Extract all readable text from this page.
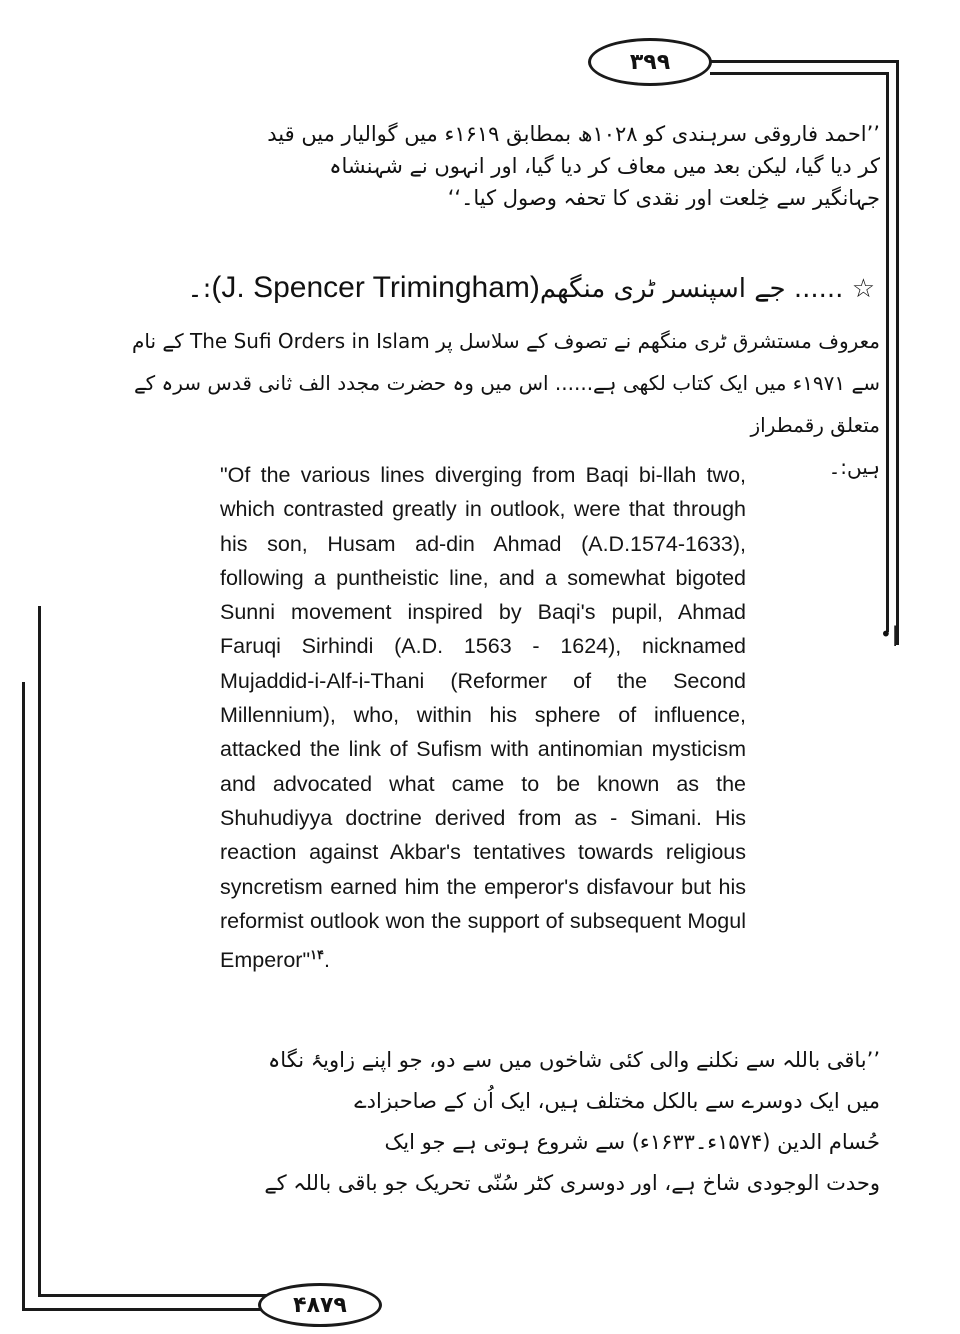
۳۹۹
۴۸۷۹

’’احمد فاروقی سرہندی کو ۱۰۲۸ھ بمطابق ۱۶۱۹ء میں گوالیار میں قید

کر دیا گیا، لیکن بعد میں معاف کر دیا گیا، اور انہوں نے شہنشاہ

جہانگیر سے خِلعت اور نقدی کا تحفہ وصول کیا۔‘‘

☆ ...... جے اسپنسر ٹری منگھم(J. Spencer Trimingham):۔

معروف مستشرق ٹری منگھم نے تصوف کے سلاسل پر The Sufi Orders in Islam کے نام

سے ۱۹۷۱ء میں ایک کتاب لکھی ہے...... اس میں وہ حضرت مجدد الف ثانی قدس سرہ کے متعلق رقمطراز

ہیں:۔

"Of the various lines diverging from Baqi bi-llah two, which contrasted greatly in outlook, were that through his son, Husam ad-din Ahmad (A.D.1574-1633), following a puntheistic line, and a somewhat bigoted Sunni movement inspired by Baqi's pupil, Ahmad Faruqi Sirhindi (A.D. 1563 - 1624), nicknamed Mujaddid-i-Alf-i-Thani (Reformer of the Second Millennium), who, within his sphere of influence, attacked the link of Sufism with antinomian mysticism and advocated what came to be known as the Shuhudiyya doctrine derived from as - Simani. His reaction against Akbar's tentatives towards religious syncretism earned him the emperor's disfavour but his reformist outlook won the support of subsequent Mogul Emperor"$^{۱۴}$.

•|

’’باقی باللہ سے نکلنے والی کئی شاخوں میں سے دو، جو اپنے زاویۂ نگاہ

میں ایک دوسرے سے بالکل مختلف ہیں، ایک اُن کے صاحبزادے

حُسام الدین (۱۵۷۴ء۔۱۶۳۳ء) سے شروع ہوتی ہے جو ایک

وحدت الوجودی شاخ ہے، اور دوسری کٹر سُنّی تحریک جو باقی باللہ کے
